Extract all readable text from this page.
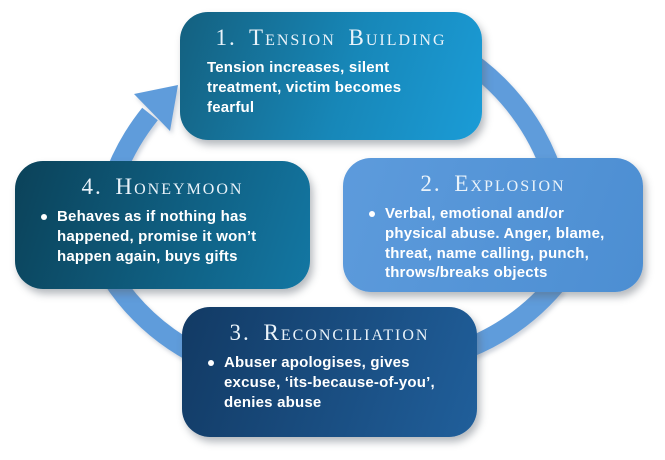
1. Tension Building
Tension increases, silent treatment, victim becomes fearful
2. Explosion
Verbal, emotional and/or physical abuse. Anger, blame, threat, name calling, punch, throws/breaks objects
3. Reconciliation
Abuser apologises, gives excuse, ‘its-because-of-you’, denies abuse
4. Honeymoon
Behaves as if nothing has happened, promise it won’t happen again, buys gifts
